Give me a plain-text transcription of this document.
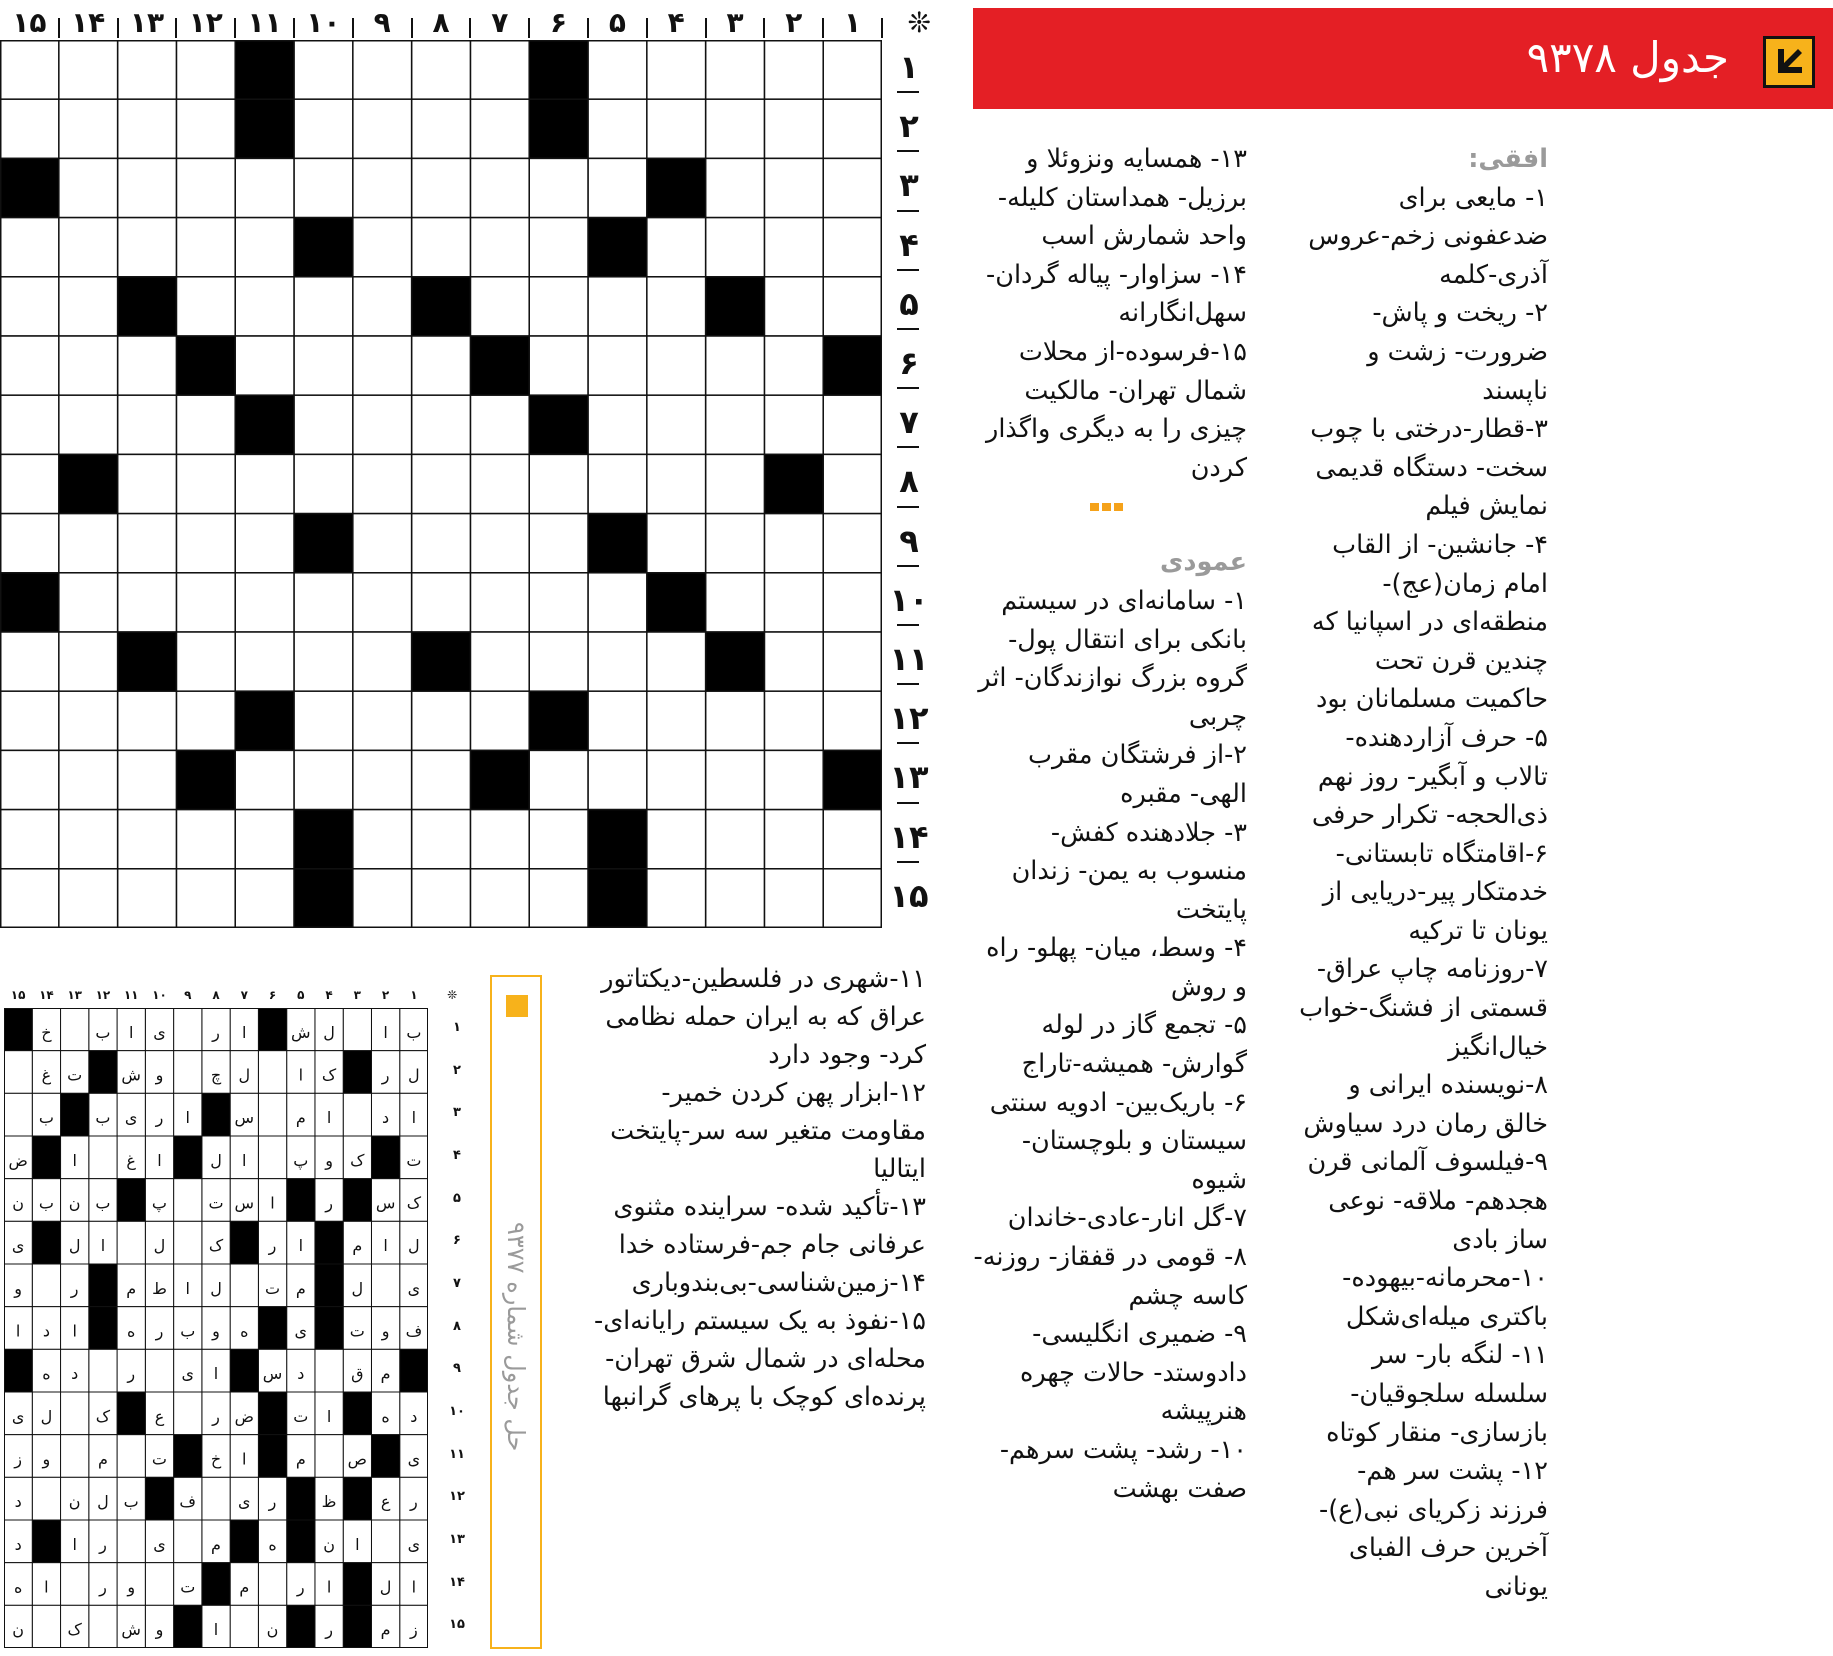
جدول ۹۳۷۸
افقی:

۱- مایعی برای ضدعفونی زخم-عروس آذری-کلمه

۲- ریخت و پاش- ضرورت- زشت و ناپسند

۳-قطار-درختی با چوب سخت- دستگاه قدیمی نمایش فیلم

۴- جانشین- از القاب امام زمان(عج)- منطقه‌ای در اسپانیا که چندین قرن تحت حاکمیت مسلمانان بود

۵- حرف آزاردهنده- تالاب و آبگیر- روز نهم ذی‌الحجه- تکرار حرفی

۶-اقامتگاه تابستانی-خدمتکار پیر-دریایی از یونان تا ترکیه

۷-روزنامه چاپ عراق-قسمتی از فشنگ-خواب خیال‌انگیز

۸-نویسنده ایرانی و خالق رمان درد سیاوش

۹-فیلسوف آلمانی قرن هجدهم- ملاقه- نوعی ساز بادی

۱۰-محرمانه-بیهوده-باکتری میله‌ای‌شکل

۱۱- لنگه بار- سر سلسله سلجوقیان- بازسازی- منقار کوتاه

۱۲- پشت سر هم- فرزند زکریای نبی(ع)- آخرین حرف الفبای یونانی

۱۳- همسایه ونزوئلا و برزیل- همداستان کلیله- واحد شمارش اسب

۱۴- سزاوار- پیاله گردان- سهل‌انگارانه

۱۵-فرسوده-از محلات شمال تهران- مالکیت چیزی را به دیگری واگذار کردن

عمودی

۱- سامانه‌ای در سیستم بانکی برای انتقال پول- گروه بزرگ نوازندگان- اثر چربی

۲-از فرشتگان مقرب الهی- مقبره

۳- جلادهنده کفش- منسوب به یمن- زندان پایتخت

۴- وسط، میان- پهلو- راه و روش

۵- تجمع گاز در لوله گوارش- همیشه-تاراج

۶- باریک‌بین- ادویه سنتی سیستان و بلوچستان-شیوه

۷-گل انار-عادی-خاندان

۸- قومی در قفقاز- روزنه- کاسه چشم

۹- ضمیری انگلیسی- دادوستد- حالات چهره هنرپیشه

۱۰- رشد- پشت سرهم- صفت بهشت

۱۱-شهری در فلسطین-دیکتاتور عراق که به ایران حمله نظامی کرد- وجود دارد

۱۲-ابزار پهن کردن خمیر-مقاومت متغیر سه سر-پایتخت ایتالیا

۱۳-تأکید شده- سراینده مثنوی عرفانی جام جم-فرستاده خدا

۱۴-زمین‌شناسی-بی‌بندوباری

۱۵-نفوذ به یک سیستم رایانه‌ای- محله‌ای در شمال شرق تهران- پرنده‌ای کوچک با پرهای گرانبها

❊
۱
۲
۳
۴
۵
۶
۷
۸
۹
۱۰
۱۱
۱۲
۱۳
۱۴
۱۵
۱
۲
۳
۴
۵
۶
۷
۸
۹
۱۰
۱۱
۱۲
۱۳
۱۴
۱۵
حل جدول شماره ۹۳۷۷
❊
۱
۲
۳
۴
۵
۶
۷
۸
۹
۱۰
۱۱
۱۲
۱۳
۱۴
۱۵
ب
ا
ل
ش
ا
ر
ی
ا
ب
خ
ل
ر
ک
ا
ل
چ
و
ش
ت
غ
ا
د
ا
م
س
ا
ر
ی
ب
ب
ت
ک
و
پ
ا
ل
ا
غ
ا
ض
ک
س
ر
ا
س
ت
پ
ب
ن
ب
ن
ل
ا
م
ا
ر
ک
ل
ا
ل
ی
ی
ل
م
ت
ل
ا
ط
م
ر
و
ف
و
ت
ی
ه
و
ب
ر
ه
ا
د
ا
م
ق
د
س
ا
ی
ر
د
ه
د
ه
ا
ت
ض
ر
ع
ک
ل
ی
ی
ص
م
ا
خ
ت
م
و
ز
ر
ع
ظ
ر
ی
ف
ب
ل
ن
د
ی
ا
ن
ه
م
ی
ر
ا
د
ا
ل
ا
ر
م
ت
و
ر
ا
ه
ز
م
ر
ن
ا
و
ش
ک
ن
۱
۲
۳
۴
۵
۶
۷
۸
۹
۱۰
۱۱
۱۲
۱۳
۱۴
۱۵
